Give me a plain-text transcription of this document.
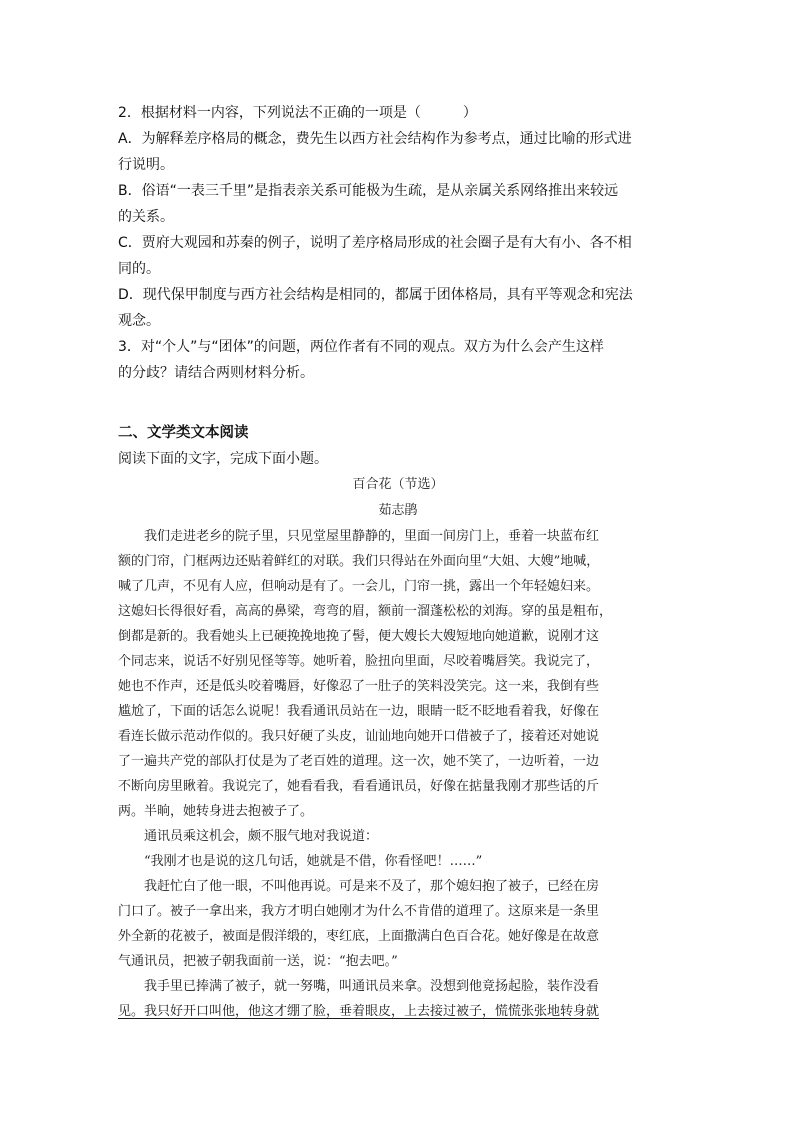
2．根据材料一内容，下列说法不正确的一项是（　　　）
A．为解释差序格局的概念，费先生以西方社会结构作为参考点，通过比喻的形式进
行说明。
B．俗语“一表三千里”是指表亲关系可能极为生疏，是从亲属关系网络推出来较远
的关系。
C．贾府大观园和苏秦的例子，说明了差序格局形成的社会圈子是有大有小、各不相
同的。
D．现代保甲制度与西方社会结构是相同的，都属于团体格局，具有平等观念和宪法
观念。
3．对“个人”与“团体”的问题，两位作者有不同的观点。双方为什么会产生这样
的分歧？请结合两则材料分析。
二、文学类文本阅读
阅读下面的文字，完成下面小题。
百合花（节选）
茹志鹃
我们走进老乡的院子里，只见堂屋里静静的，里面一间房门上，垂着一块蓝布红
额的门帘，门框两边还贴着鲜红的对联。我们只得站在外面向里“大姐、大嫂”地喊，
喊了几声，不见有人应，但响动是有了。一会儿，门帘一挑，露出一个年轻媳妇来。
这媳妇长得很好看，高高的鼻梁，弯弯的眉，额前一溜蓬松松的刘海。穿的虽是粗布，
倒都是新的。我看她头上已硬挽挽地挽了髻，便大嫂长大嫂短地向她道歉，说刚才这
个同志来，说话不好别见怪等等。她听着，脸扭向里面，尽咬着嘴唇笑。我说完了，
她也不作声，还是低头咬着嘴唇，好像忍了一肚子的笑料没笑完。这一来，我倒有些
尴尬了，下面的话怎么说呢！我看通讯员站在一边，眼睛一眨不眨地看着我，好像在
看连长做示范动作似的。我只好硬了头皮，讪讪地向她开口借被子了，接着还对她说
了一遍共产党的部队打仗是为了老百姓的道理。这一次，她不笑了，一边听着，一边
不断向房里瞅着。我说完了，她看看我，看看通讯员，好像在掂量我刚才那些话的斤
两。半晌，她转身进去抱被子了。
通讯员乘这机会，颇不服气地对我说道：
“我刚才也是说的这几句话，她就是不借，你看怪吧！……”
我赶忙白了他一眼，不叫他再说。可是来不及了，那个媳妇抱了被子，已经在房
门口了。被子一拿出来，我方才明白她刚才为什么不肯借的道理了。这原来是一条里
外全新的花被子，被面是假洋缎的，枣红底，上面撒满白色百合花。她好像是在故意
气通讯员，把被子朝我面前一送，说：“抱去吧。”
我手里已捧满了被子，就一努嘴，叫通讯员来拿。没想到他竟扬起脸，装作没看
见。我只好开口叫他，他这才绷了脸，垂着眼皮，上去接过被子，慌慌张张地转身就
